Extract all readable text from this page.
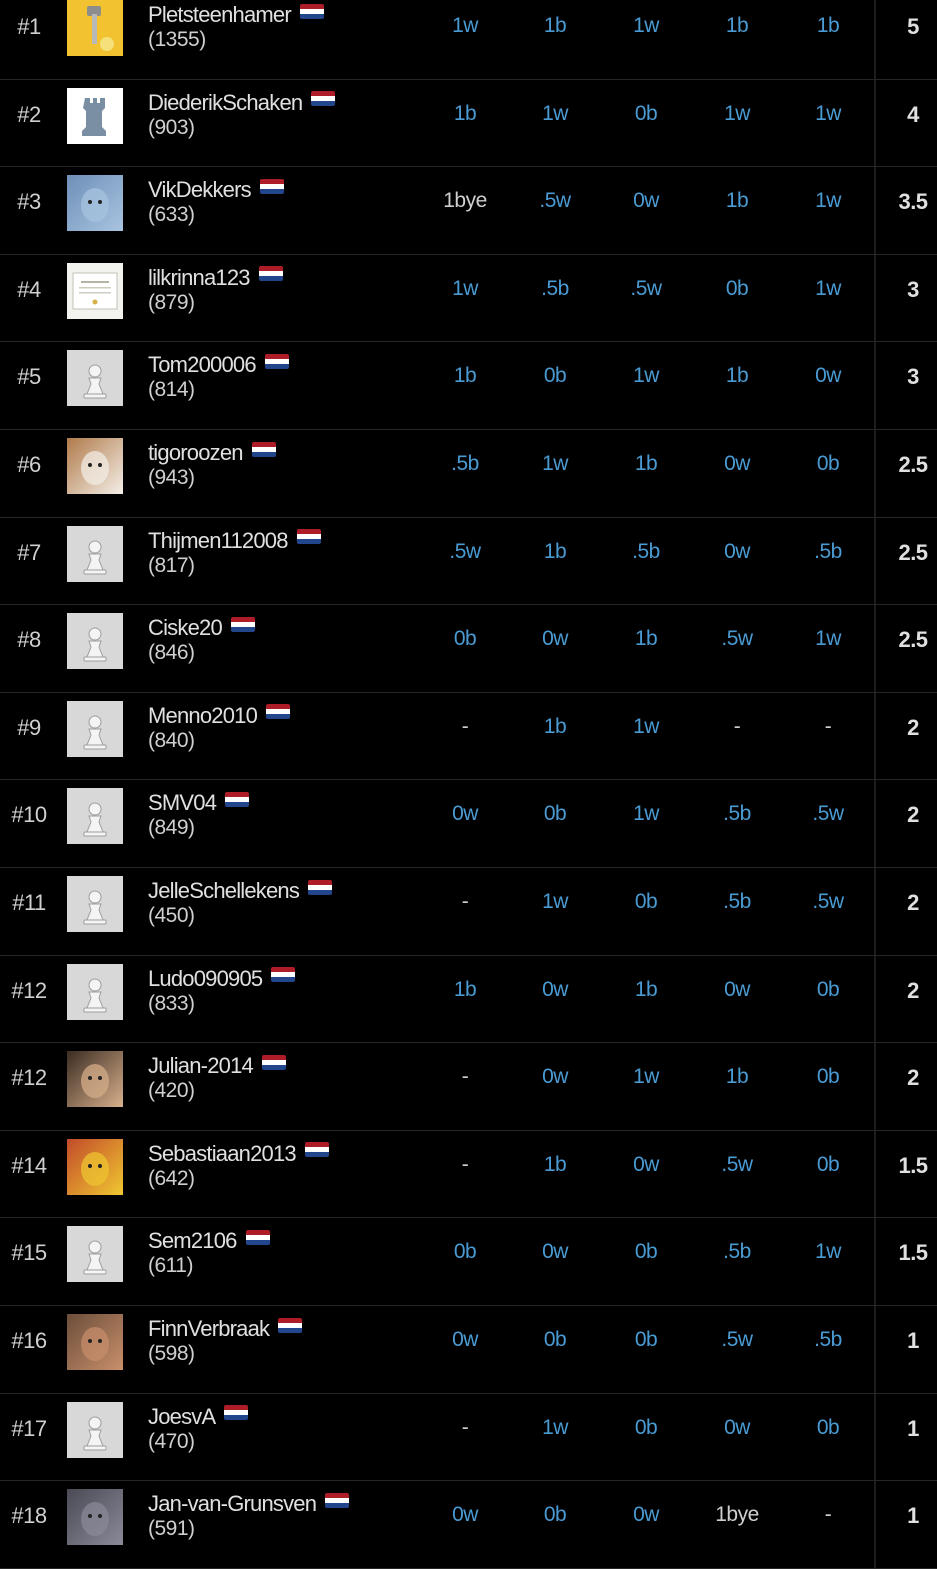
#1	Pletsteenhamer
(1355)
1w	1b	1w	1b	1b	5
#2	DiederikSchaken
(903)
1b	1w	0b	1w	1w	4
#3	VikDekkers
(633)
1bye	.5w	0w	1b	1w	3.5
#4	lilkrinna123
(879)
1w	.5b	.5w	0b	1w	3
#5	Tom200006
(814)
1b	0b	1w	1b	0w	3
#6	tigoroozen
(943)
.5b	1w	1b	0w	0b	2.5
#7	Thijmen112008
(817)
.5w	1b	.5b	0w	.5b	2.5
#8	Ciske20
(846)
0b	0w	1b	.5w	1w	2.5
#9	Menno2010
(840)
-	1b	1w	-	-	2
#10	SMV04
(849)
0w	0b	1w	.5b	.5w	2
#11	JelleSchellekens
(450)
-	1w	0b	.5b	.5w	2
#12	Ludo090905
(833)
1b	0w	1b	0w	0b	2
#12	Julian-2014
(420)
-	0w	1w	1b	0b	2
#14	Sebastiaan2013
(642)
-	1b	0w	.5w	0b	1.5
#15	Sem2106
(611)
0b	0w	0b	.5b	1w	1.5
#16	FinnVerbraak
(598)
0w	0b	0b	.5w	.5b	1
#17	JoesvA
(470)
-	1w	0b	0w	0b	1
#18	Jan-van-Grunsven
(591)
0w	0b	0w	1bye	-	1
